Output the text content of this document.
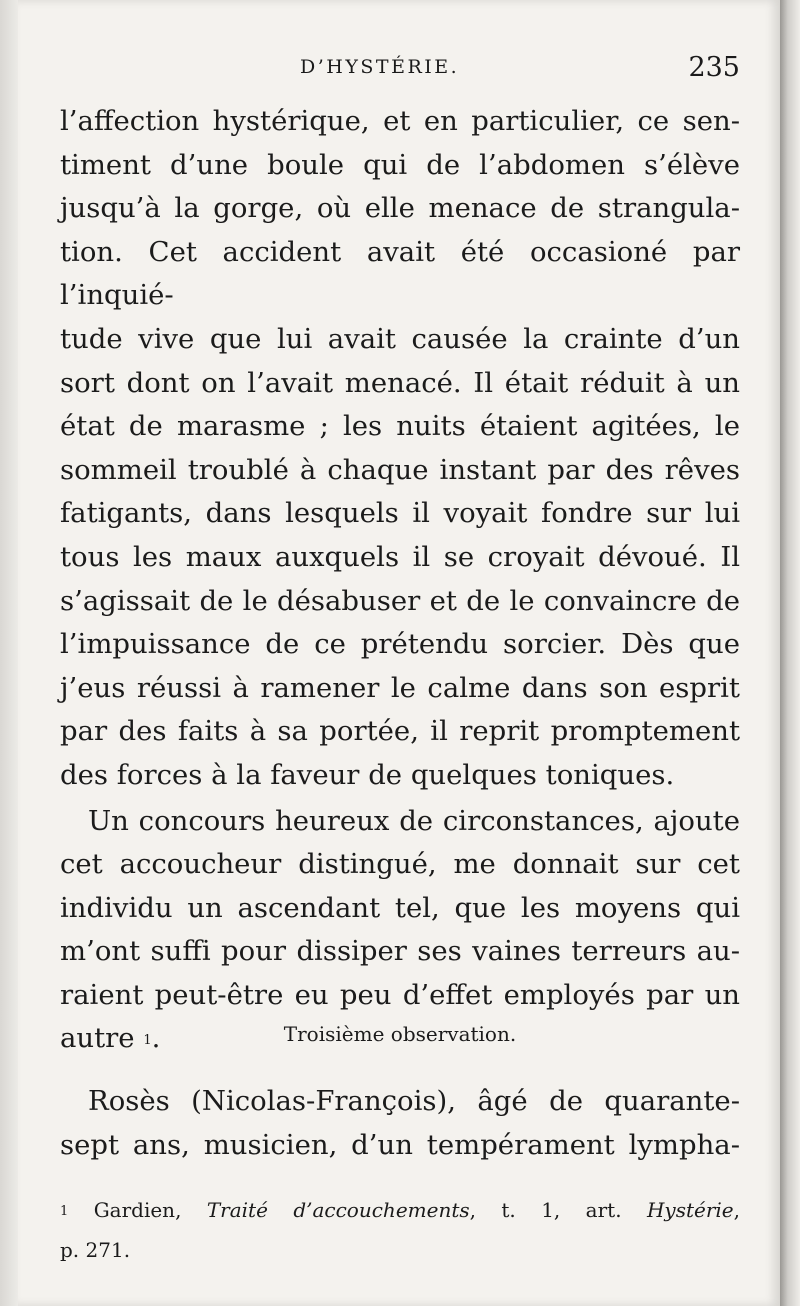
D’HYSTÉRIE.	235

l’affection hystérique, et en particulier, ce sen-

timent d’une boule qui de l’abdomen s’élève

jusqu’à la gorge, où elle menace de strangula-

tion. Cet accident avait été occasioné par l’inquié-

tude vive que lui avait causée la crainte d’un

sort dont on l’avait menacé. Il était réduit à un

état de marasme ; les nuits étaient agitées, le

sommeil troublé à chaque instant par des rêves

fatigants, dans lesquels il voyait fondre sur lui

tous les maux auxquels il se croyait dévoué. Il

s’agissait de le désabuser et de le convaincre de

l’impuissance de ce prétendu sorcier. Dès que

j’eus réussi à ramener le calme dans son esprit

par des faits à sa portée, il reprit promptement

des forces à la faveur de quelques toniques.

Un concours heureux de circonstances, ajoute

cet accoucheur distingué, me donnait sur cet

individu un ascendant tel, que les moyens qui

m’ont suffi pour dissiper ses vaines terreurs au-

raient peut-être eu peu d’effet employés par un

autre $^1$.	Troisième observation.

Rosès (Nicolas-François), âgé de quarante-

sept ans, musicien, d’un tempérament lympha-

$^1$ Gardien, Traité d’accouchements, t. 1, art. Hystérie,

p. 271.
